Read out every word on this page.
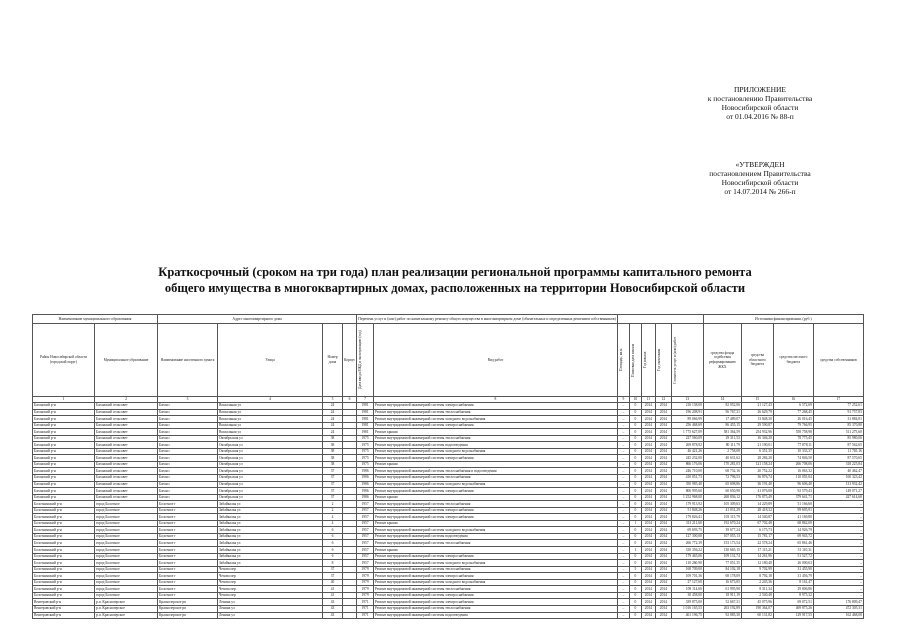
ПРИЛОЖЕНИЕ
к постановлению Правительства
Новосибирской области
от 01.04.2016 № 88-п
«УТВЕРЖДЕН
постановлением Правительства
Новосибирской области
от 14.07.2014 № 266-п
Краткосрочный (сроком на три года) план реализации региональной программы капитального ремонта
общего имущества в многоквартирных домах, расположенных на территории Новосибирской области
Наименование муниципального образования		Адрес многоквартирного дома				Перечень услуг и (или) работ по капитальному ремонту общего имущества в многоквартирном доме (обязательных и определенных решением собственников)							Источники финансирования, (руб.)			
Район Новосибирской области (городской округ)	Муниципальное образование	Наименование населенного пункта	Улица	Номер дома	Корпус	Дата ввода МКД в эксплуатацию (год)	Вид работ	Площадь, кв.м	Плановая дата начала	Год начала	Год окончания	Стоимость услуг и (или) работ	средства фонда содействия реформированию ЖКХ	средства областного бюджета	средства местного бюджета	средства собственников
1	2	3	4	5	6	7	8	9	10	11	12	13	14	15	16	17
Баганский р-н	Баганский сельсовет	Баган с	Вокзальная ул	24		1981	Ремонт внутридомовой инженерной системы электроснабжения	–	0	2014	2014	216 138,00	82 052,06	21 127,43	6 572,69	77 252,61
Баганский р-н	Баганский сельсовет	Баган с	Вокзальная ул	24		1981	Ремонт внутридомовой инженерной системы теплоснабжения	–	0	2014	2014	196 208,91	56 767,31	26 629,79	77 268,45	91 757,83
Баганский р-н	Баганский сельсовет	Баган с	Вокзальная ул	24		1981	Ремонт внутридомовой инженерной системы холодного водоснабжения	–	0	2014	2014	89 066,99	17 489,07	13 848,30	26 016,45	31 884,81
Баганский р-н	Баганский сельсовет	Баган с	Вокзальная ул	24		1981	Ремонт внутридомовой инженерной системы электроснабжения	–	0	2014	2014	256 468,69	86 455,15	29 590,87	79 766,95	85 370,80
Баганский р-н	Баганский сельсовет	Баган с	Вокзальная ул	24		1981	Ремонт крыши	–	0	2014	2014	1 775 627,09	581 364,59	254 932,96	558 758,98	511 275,60
Баганский р-н	Баганский сельсовет	Баган с	Октябрьская ул	38		1975	Ремонт внутридомовой инженерной системы теплоснабжения	–	0	2014	2014	227 560,09	29 311,53	16 346,20	78 775,45	85 980,06
Баганский р-н	Баганский сельсовет	Баган с	Октябрьская ул	38		1975	Ремонт внутридомовой инженерной системы водоотведения	–	0	2014	2014	269 878,92	80 111,79	21 190,01	77 878,11	87 562,65
Баганский р-н	Баганский сельсовет	Баган с	Октябрьская ул	38		1975	Ремонт внутридомовой инженерной системы холодного водоснабжения	–	0	2014	2014	46 421,26	2 758,08	6 351,35	10 333,37	11 765,16
Баганский р-н	Баганский сельсовет	Баган с	Октябрьская ул	38		1975	Ремонт внутридомовой инженерной системы электроснабжения	–	0	2014	2014	245 232,00	40 631,62	28 284,20	74 846,50	87 570,65
Баганский р-н	Баганский сельсовет	Баган с	Октябрьская ул	38		1975	Ремонт крыши	–	0	2014	2014	866 176,06	170 281,03	121 158,24	266 708,06	318 225,84
Баганский р-н	Баганский сельсовет	Баган с	Октябрьская ул	37		1986	Ремонт внутридомовой инженерной системы теплоснабжения и водоотведения	–	0	2014	2014	246 710,00	68 732,16	20 752,22	16 063,32	40 462,47
Баганский р-н	Баганский сельсовет	Баган с	Октябрьская ул	37		1986	Ремонт внутридомовой инженерной системы теплоснабжения	–	0	2014	2014	410 051,73	72 796,53	36 876,74	110 055,04	160 323,42
Баганский р-н	Баганский сельсовет	Баган с	Октябрьская ул	37		1986	Ремонт внутридомовой инженерной системы холодного водоснабжения	–	0	2014	2014	350 985,40	65 698,86	36 191,40	96 606,40	131 932,42
Баганский р-н	Баганский сельсовет	Баган с	Октябрьская ул	37		1986	Ремонт внутридомовой инженерной системы электроснабжения	–	0	2014	2014	806 995,60	60 650,98	41 076,08	92 579,43	149 071,27
Баганский р-н	Баганский сельсовет	Баган с	Октябрьская ул	37		1986	Ремонт крыши	–	0	2014	2014	1 252 968,00	268 836,12	176 875,49	379 641,71	427 614,68
Болотнинский р-н	город Болотное	Болотное г	Забайкалья ул	2		1957	Ремонт внутридомовой инженерной системы теплоснабжения	–	0	2014	2014	179 913,92	105 309,63	14 229,89	51 166,60	–
Болотнинский р-н	город Болотное	Болотное г	Забайкалья ул	2		1957	Ремонт внутридомовой инженерной системы электроснабжения	–	0	2014	2014	51 848,26	41 031,29	28 418,32	99 695,91	–
Болотнинский р-н	город Болотное	Болотное г	Забайкалья ул	4		1957	Ремонт внутридомовой инженерной системы электроснабжения	–	0	2014	2014	179 826,41	103 115,79	14 540,87	41 169,80	–
Болотнинский р-н	город Болотное	Болотное г	Забайкалья ул	4		1957	Ремонт крыши	–	1	2014	2014	313 211,60	192 670,24	67 702,48	68 862,00	–
Болотнинский р-н	город Болотное	Болотное г	Забайкалья ул	6		1957	Ремонт внутридомовой инженерной системы холодного водоснабжения	–	0	2014	2014	69 693,75	39 677,24	6 175,73	14 926,79	–
Болотнинский р-н	город Болотное	Болотное г	Забайкалья ул	6		1957	Ремонт внутридомовой инженерной системы водоотведения	–	0	2014	2014	127 300,00	107 055,13	15 781,17	69 945,72	–
Болотнинский р-н	город Болотное	Болотное г	Забайкалья ул	6		1957	Ремонт внутридомовой инженерной системы теплоснабжения	–	0	2014	2014	266 772,39	153 173,54	22 578,24	65 861,46	–
Болотнинский р-н	город Болотное	Болотное г	Забайкалья ул	6		1957	Ремонт крыши	–	1	2014	2014	310 356,22	130 665,15	17 115,21	51 110,31	–
Болотнинский р-н	город Болотное	Болотное г	Забайкалья ул	6		1957	Ремонт внутридомовой инженерной системы электроснабжения	–	0	2014	2014	179 465,06	109 131,74	14 261,96	51 527,72	–
Болотнинский р-н	город Болотное	Болотное г	Забайкалья ул	8		1957	Ремонт внутридомовой инженерной системы холодного водоснабжения	–	0	2014	2014	110 260,90	77 051,35	12 180,40	26 000,63	–
Болотнинский р-н	город Болотное	Болотное г	Чехова пер	37		1979	Ремонт внутридомовой инженерной системы теплоснабжения	–	5	2014	2014	168 709,00	84 102,18	9 702,99	31 455,90	–
Болотнинский р-н	город Болотное	Болотное г	Чехова пер	37		1979	Ремонт внутридомовой инженерной системы электроснабжения	–	0	2014	2014	109 701,36	68 178,09	8 792,18	31 456,79	–
Болотнинский р-н	город Болотное	Болотное г	Чехова пер	40		1979	Ремонт внутридомовой инженерной системы холодного водоснабжения	–	0	2014	2014	27 127,60	16 673,05	2 245,36	8 161,47	–
Болотнинский р-н	город Болотное	Болотное г	Чехова пер	41		1979	Ремонт внутридомовой инженерной системы теплоснабжения	–	0	2014	2014	109 114,60	61 995,90	8 311,34	29 806,86	–
Болотнинский р-н	город Болотное	Болотное г	Чехова пер	41		1979	Ремонт внутридомовой инженерной системы электроснабжения	–	0	2014	2014	30 458,00	18 911,19	2 540,48	8 975,32	–
Венгеровский р-н	р.п. Краснозерское	Краснозерское рп	Ленина ул	43		1971	Ремонт внутридомовой инженерной системы электроснабжения	–	0	2014	2014	339 875,00	52 667,31	45 075,96	69 072,51	176 809,47
Венгеровский р-н	р.п. Краснозерское	Краснозерское рп	Ленина ул	43		1971	Ремонт внутридомовой инженерной системы теплоснабжения	–	0	2014	2014	1 016 165,53	263 192,89	190 364,07	469 875,26	472 305,31
Венгеровский р-н	р.п. Краснозерское	Краснозерское рп	Ленина ул	43		1971	Ремонт внутридомовой инженерной системы водоотведения	–	0	2014	2014	461 196,75	92 085,30	60 131,82	129 917,55	162 468,08
